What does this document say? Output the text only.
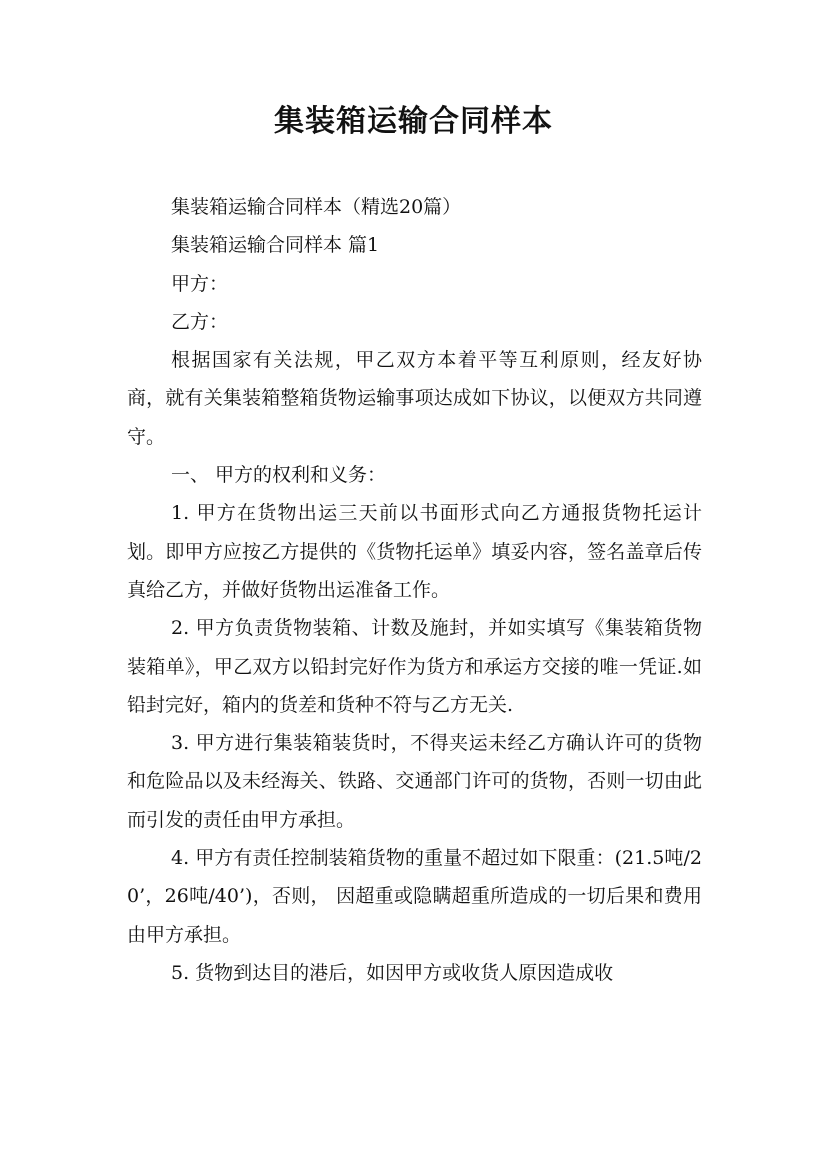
集装箱运输合同样本

集装箱运输合同样本（精选20篇）

集装箱运输合同样本 篇1

甲方：

乙方：

根据国家有关法规，甲乙双方本着平等互利原则，经友好协商，就有关集装箱整箱货物运输事项达成如下协议，以便双方共同遵守。

一、 甲方的权利和义务：

1. 甲方在货物出运三天前以书面形式向乙方通报货物托运计划。即甲方应按乙方提供的《货物托运单》填妥内容，签名盖章后传真给乙方，并做好货物出运准备工作。

2. 甲方负责货物装箱、计数及施封，并如实填写《集装箱货物装箱单》，甲乙双方以铅封完好作为货方和承运方交接的唯一凭证.如铅封完好，箱内的货差和货种不符与乙方无关.

3. 甲方进行集装箱装货时，不得夹运未经乙方确认许可的货物和危险品以及未经海关、铁路、交通部门许可的货物，否则一切由此而引发的责任由甲方承担。

4. 甲方有责任控制装箱货物的重量不超过如下限重：(21.5吨/20’，26吨/40’)，否则， 因超重或隐瞒超重所造成的一切后果和费用由甲方承担。

5. 货物到达目的港后，如因甲方或收货人原因造成收
